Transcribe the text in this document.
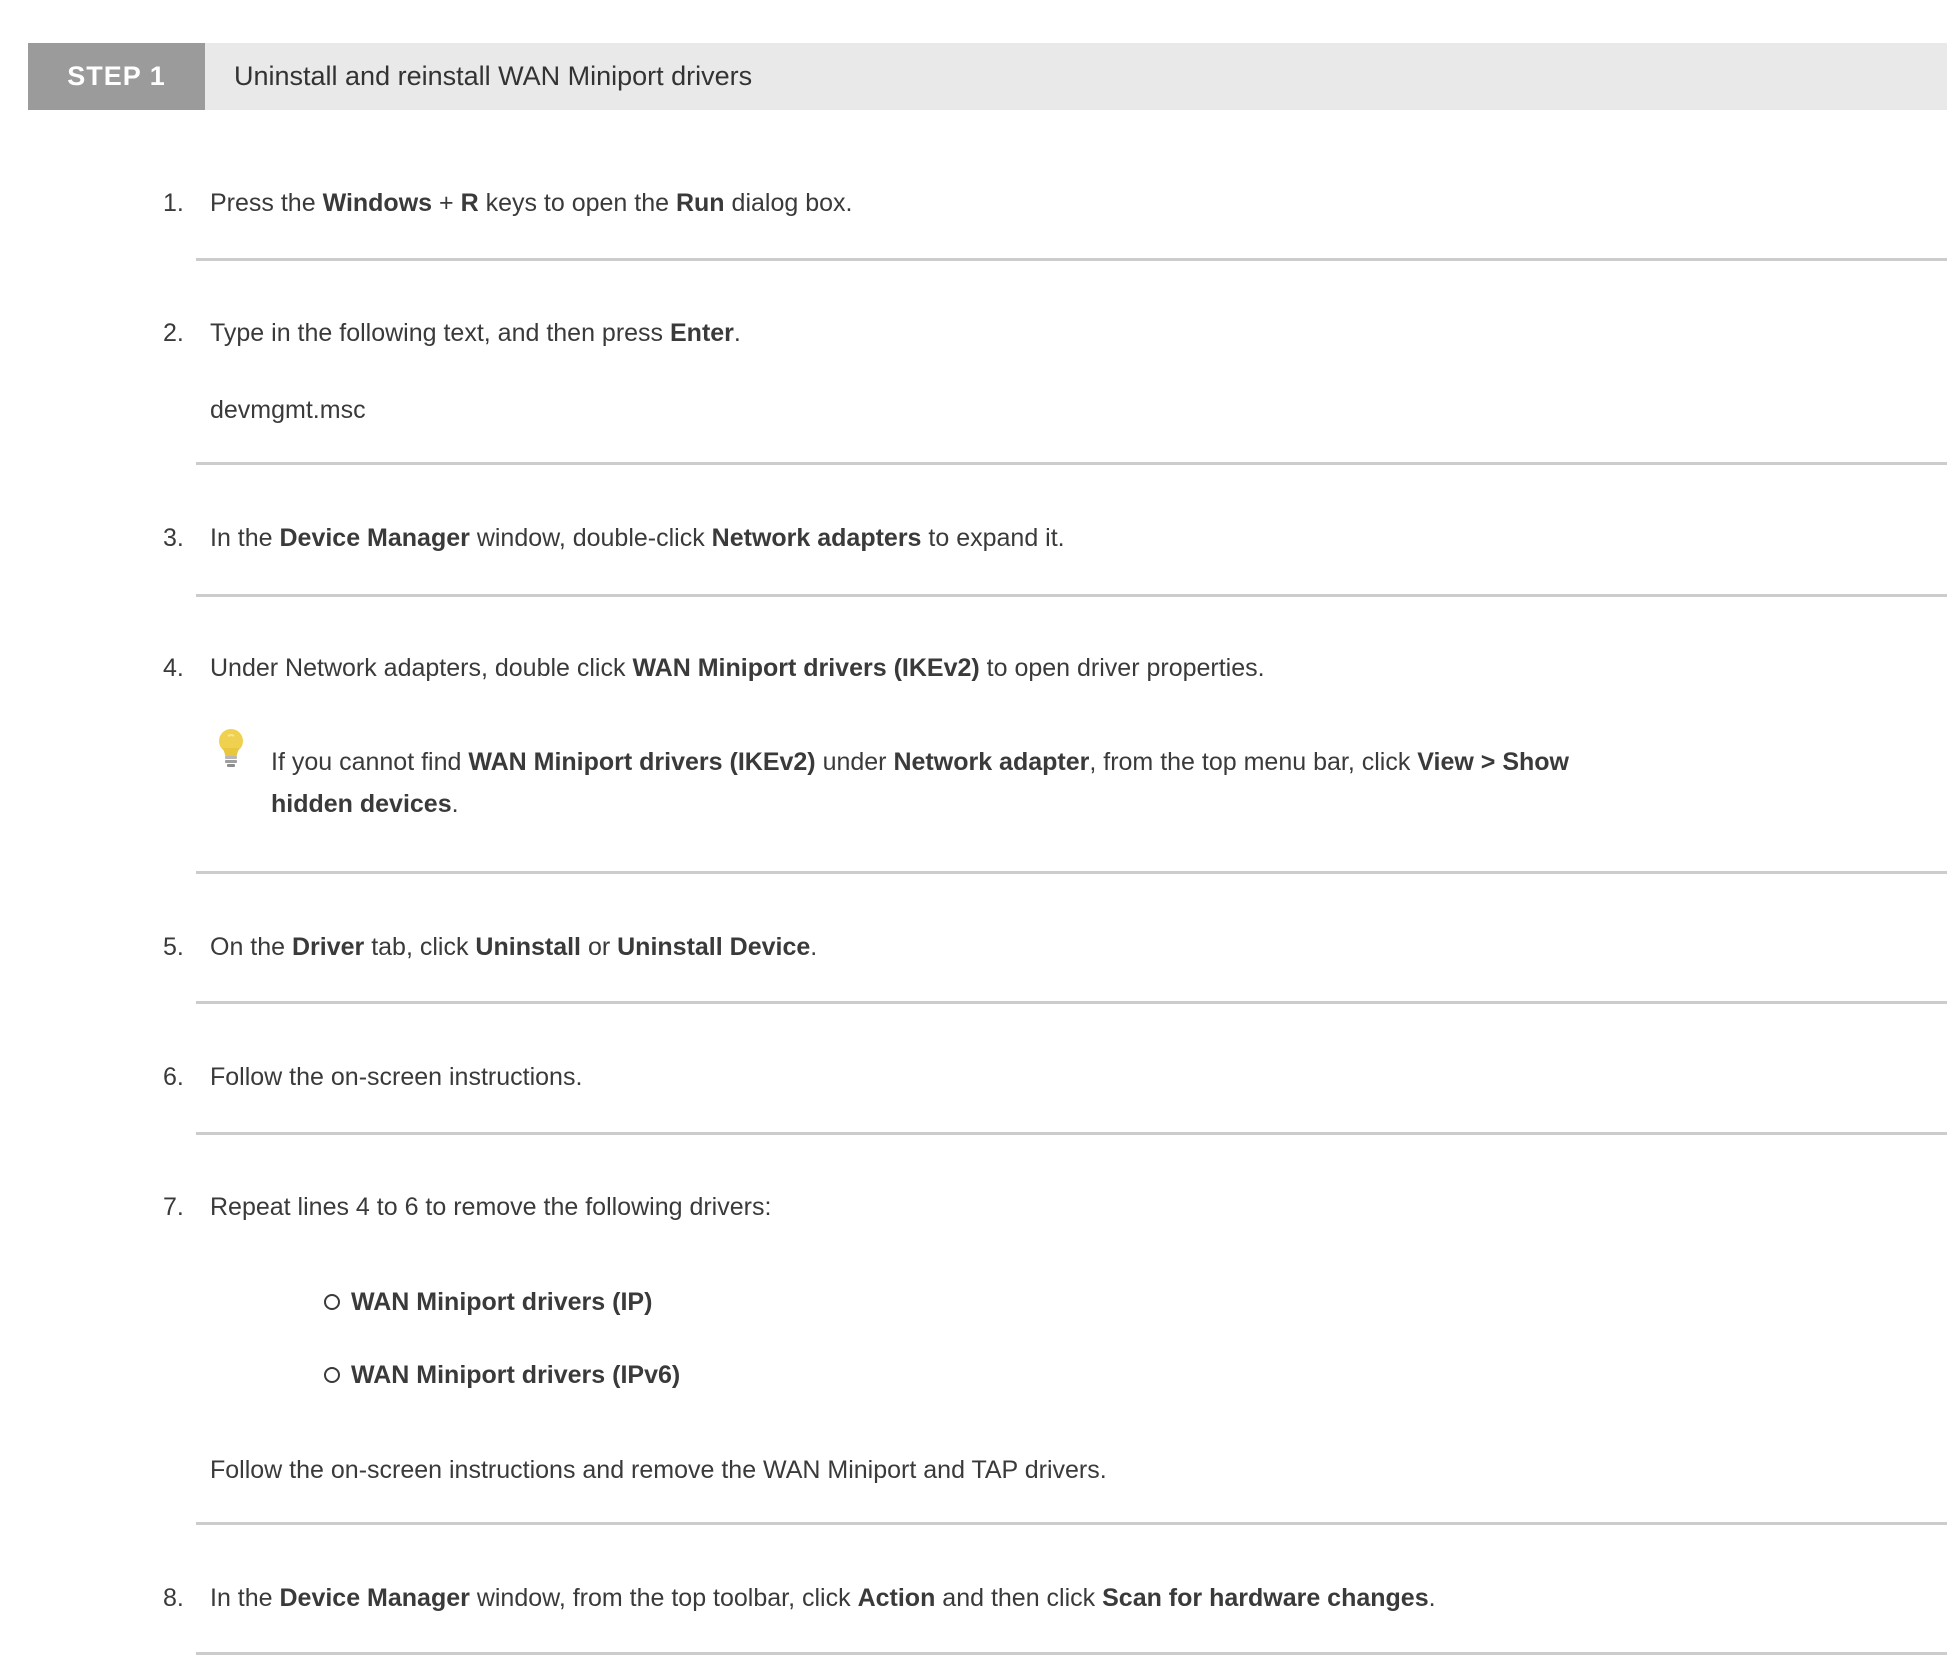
STEP 1	Uninstall and reinstall WAN Miniport drivers
1.	Press the Windows + R keys to open the Run dialog box.
2.	Type in the following text, and then press Enter.
devmgmt.msc
3.	In the Device Manager window, double-click Network adapters to expand it.
4.	Under Network adapters, double click WAN Miniport drivers (IKEv2) to open driver properties.
If you cannot find WAN Miniport drivers (IKEv2) under Network adapter, from the top menu bar, click View > Show
hidden devices.
5.	On the Driver tab, click Uninstall or Uninstall Device.
6.	Follow the on-screen instructions.
7.	Repeat lines 4 to 6 to remove the following drivers:
WAN Miniport drivers (IP)
WAN Miniport drivers (IPv6)
Follow the on-screen instructions and remove the WAN Miniport and TAP drivers.
8.	In the Device Manager window, from the top toolbar, click Action and then click Scan for hardware changes.
